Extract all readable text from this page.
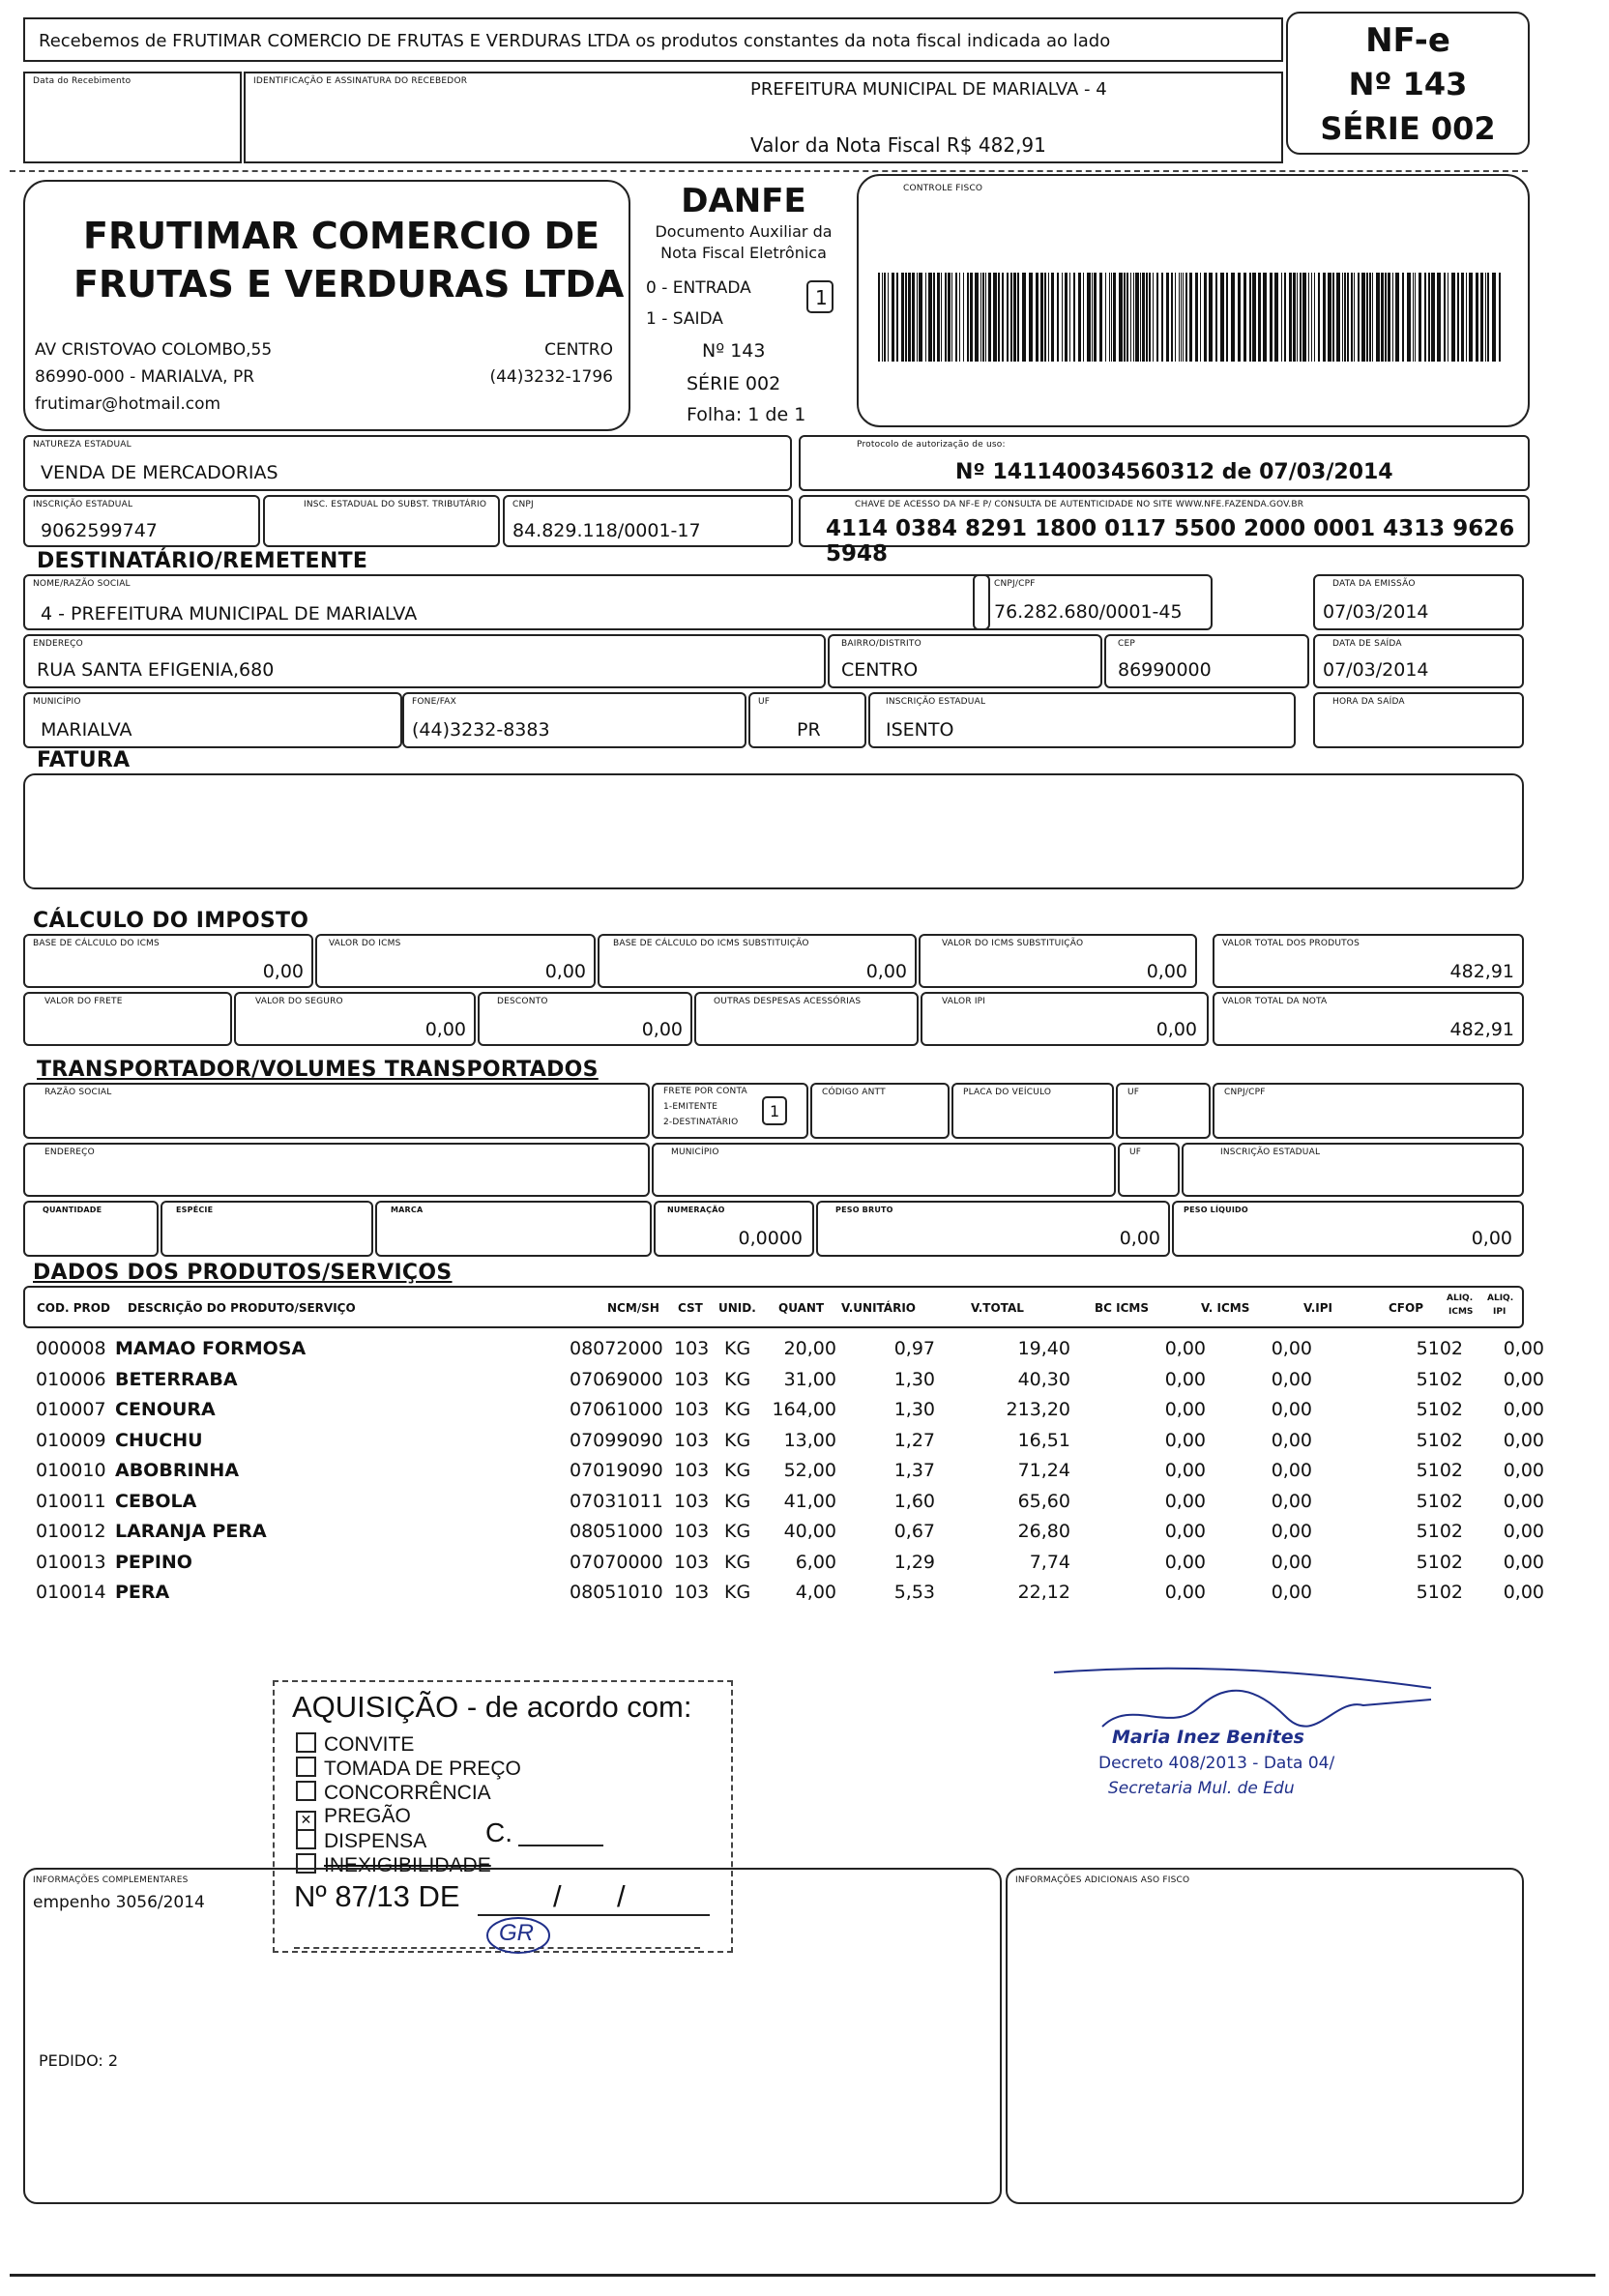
Recebemos de FRUTIMAR COMERCIO DE FRUTAS E VERDURAS LTDA os produtos constantes da nota fiscal indicada ao lado
Data do Recebimento	IDENTIFICAÇÃO E ASSINATURA DO RECEBEDOR	PREFEITURA MUNICIPAL DE MARIALVA - 4
Valor da Nota Fiscal R$ 482,91
NF-e
Nº 143
SÉRIE 002
FRUTIMAR COMERCIO DE
FRUTAS E VERDURAS LTDA
AV CRISTOVAO COLOMBO,55	CENTRO
86990-000 - MARIALVA, PR	(44)3232-1796
frutimar@hotmail.com
DANFE
Documento Auxiliar da
Nota Fiscal Eletrônica
0 - ENTRADA
1 - SAIDA
1
Nº 143
SÉRIE 002
Folha: 1 de 1
CONTROLE FISCO
NATUREZA ESTADUAL
VENDA DE MERCADORIAS
Protocolo de autorização de uso:
Nº 141140034560312 de 07/03/2014
INSCRIÇÃO ESTADUAL
9062599747
INSC. ESTADUAL DO SUBST. TRIBUTÁRIO	CNPJ
84.829.118/0001-17
CHAVE DE ACESSO DA NF-E P/ CONSULTA DE AUTENTICIDADE NO SITE WWW.NFE.FAZENDA.GOV.BR
4114 0384 8291 1800 0117 5500 2000 0001 4313 9626 5948
DESTINATÁRIO/REMETENTE
NOME/RAZÃO SOCIAL
4 - PREFEITURA MUNICIPAL DE MARIALVA
CNPJ/CPF
76.282.680/0001-45
DATA DA EMISSÃO
07/03/2014
ENDEREÇO
RUA SANTA EFIGENIA,680
BAIRRO/DISTRITO
CENTRO
CEP
86990000
DATA DE SAÍDA
07/03/2014
MUNICÍPIO
MARIALVA
FONE/FAX
(44)3232-8383
UF
PR
INSCRIÇÃO ESTADUAL
ISENTO
HORA DA SAÍDA
FATURA
CÁLCULO DO IMPOSTO
BASE DE CÁLCULO DO ICMS
0,00
VALOR DO ICMS
0,00
BASE DE CÁLCULO DO ICMS SUBSTITUIÇÃO
0,00
VALOR DO ICMS SUBSTITUIÇÃO
0,00
VALOR TOTAL DOS PRODUTOS
482,91
VALOR DO FRETE	VALOR DO SEGURO
0,00
DESCONTO
0,00
OUTRAS DESPESAS ACESSÓRIAS	VALOR IPI
0,00
VALOR TOTAL DA NOTA
482,91
TRANSPORTADOR/VOLUMES TRANSPORTADOS
RAZÃO SOCIAL	FRETE POR CONTA
1-EMITENTE
2-DESTINATÁRIO
1
CÓDIGO ANTT	PLACA DO VEÍCULO	UF	CNPJ/CPF
ENDEREÇO	MUNICÍPIO	UF	INSCRIÇÃO ESTADUAL
QUANTIDADE	ESPÉCIE	MARCA	NUMERAÇÃO
0,0000
PESO BRUTO
0,00
PESO LÍQUIDO
0,00
DADOS DOS PRODUTOS/SERVIÇOS
COD. PROD DESCRIÇÃO DO PRODUTO/SERVIÇO	NCM/SH CST UNID. QUANT V.UNITÁRIO	V.TOTAL	BC ICMS	V. ICMS	V.IPI	CFOP
ALIQ.
ICMS
ALIQ.
IPI
000008 MAMAO FORMOSA	08072000 103 KG 20,00	0,97	19,40	0,00	0,00	5102 0,00
010006 BETERRABA	07069000 103 KG 31,00	1,30	40,30	0,00	0,00	5102 0,00
010007 CENOURA	07061000 103 KG 164,00	1,30	213,20	0,00	0,00	5102 0,00
010009 CHUCHU	07099090 103 KG 13,00	1,27	16,51	0,00	0,00	5102 0,00
010010 ABOBRINHA	07019090 103 KG 52,00	1,37	71,24	0,00	0,00	5102 0,00
010011 CEBOLA	07031011 103 KG 41,00	1,60	65,60	0,00	0,00	5102 0,00
010012 LARANJA PERA	08051000 103 KG 40,00	0,67	26,80	0,00	0,00	5102 0,00
010013 PEPINO	07070000 103 KG 6,00	1,29	7,74	0,00	0,00	5102 0,00
010014 PERA	08051010 103 KG 4,00	5,53	22,12	0,00	0,00	5102 0,00
AQUISIÇÃO - de acordo com:
CONVITE
TOMADA DE PREÇO
CONCORRÊNCIA
✕ PREGÃO
DISPENSA
INEXIGIBILIDADE
C.
Nº 87/13 DE	/ /
GR
Maria Inez Benites
Decreto 408/2013 - Data 04/
Secretaria Mul. de Edu
INFORMAÇÕES COMPLEMENTARES
empenho 3056/2014
PEDIDO: 2
INFORMAÇÕES ADICIONAIS ASO FISCO
